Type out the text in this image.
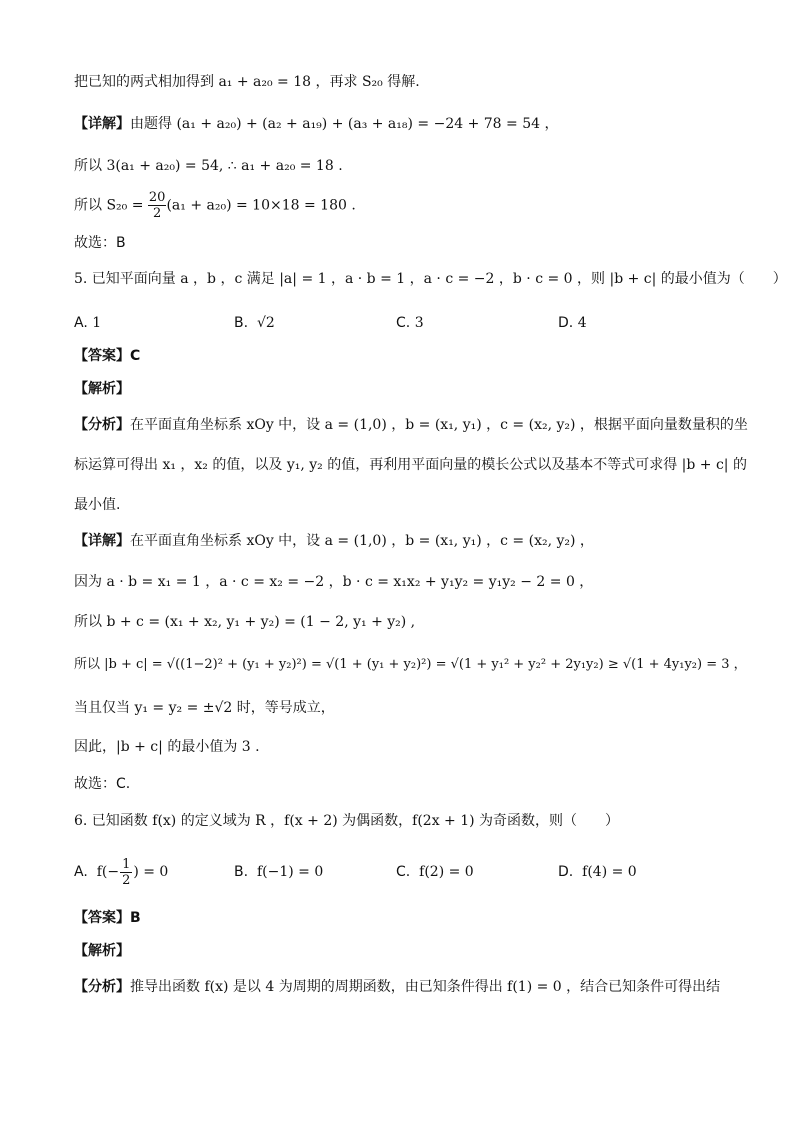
把已知的两式相加得到 a₁ + a₂₀ = 18 ，再求 S₂₀ 得解.
【详解】由题得 (a₁ + a₂₀) + (a₂ + a₁₉) + (a₃ + a₁₈) = −24 + 78 = 54 ，
所以 3(a₁ + a₂₀) = 54, ∴ a₁ + a₂₀ = 18 .
所以 $S_{20} = \frac{20}{2} (a_1 + a_{20}) = 10\times 18 = 180$ .
故选：B
5. 已知平面向量 a ，b ，c 满足 |a| = 1 ，a · b = 1 ，a · c = −2 ，b · c = 0 ，则 |b + c| 的最小值为（　　）
A. 1	B. √2	C. 3	D. 4
【答案】C
【解析】
【分析】在平面直角坐标系 xOy 中，设 a = (1,0) ，b = (x₁, y₁) ，c = (x₂, y₂) ，根据平面向量数量积的坐
标运算可得出 x₁ ，x₂ 的值，以及 y₁, y₂ 的值，再利用平面向量的模长公式以及基本不等式可求得 |b + c| 的
最小值.
【详解】在平面直角坐标系 xOy 中，设 a = (1,0) ，b = (x₁, y₁) ，c = (x₂, y₂) ，
因为 a · b = x₁ = 1 ，a · c = x₂ = −2 ，b · c = x₁x₂ + y₁y₂ = y₁y₂ − 2 = 0 ，
所以 b + c = (x₁ + x₂, y₁ + y₂) = (1 − 2, y₁ + y₂) ,
所以 |b + c| = √((1−2)² + (y₁ + y₂)²) = √(1 + (y₁ + y₂)²) = √(1 + y₁² + y₂² + 2y₁y₂) ≥ √(1 + 4y₁y₂) = 3 ，
当且仅当 y₁ = y₂ = ±√2 时，等号成立，
因此，|b + c| 的最小值为 3 .
故选：C.
6. 已知函数 f(x) 的定义域为 R ，f(x + 2) 为偶函数，f(2x + 1) 为奇函数，则（　　）
A.
$f(- \frac{1}{2}$ ) = 0	B. f(−1) = 0	C. f(2) = 0	D. f(4) = 0
【答案】B
【解析】
【分析】推导出函数 f(x) 是以 4 为周期的周期函数，由已知条件得出 f(1) = 0 ，结合已知条件可得出结
